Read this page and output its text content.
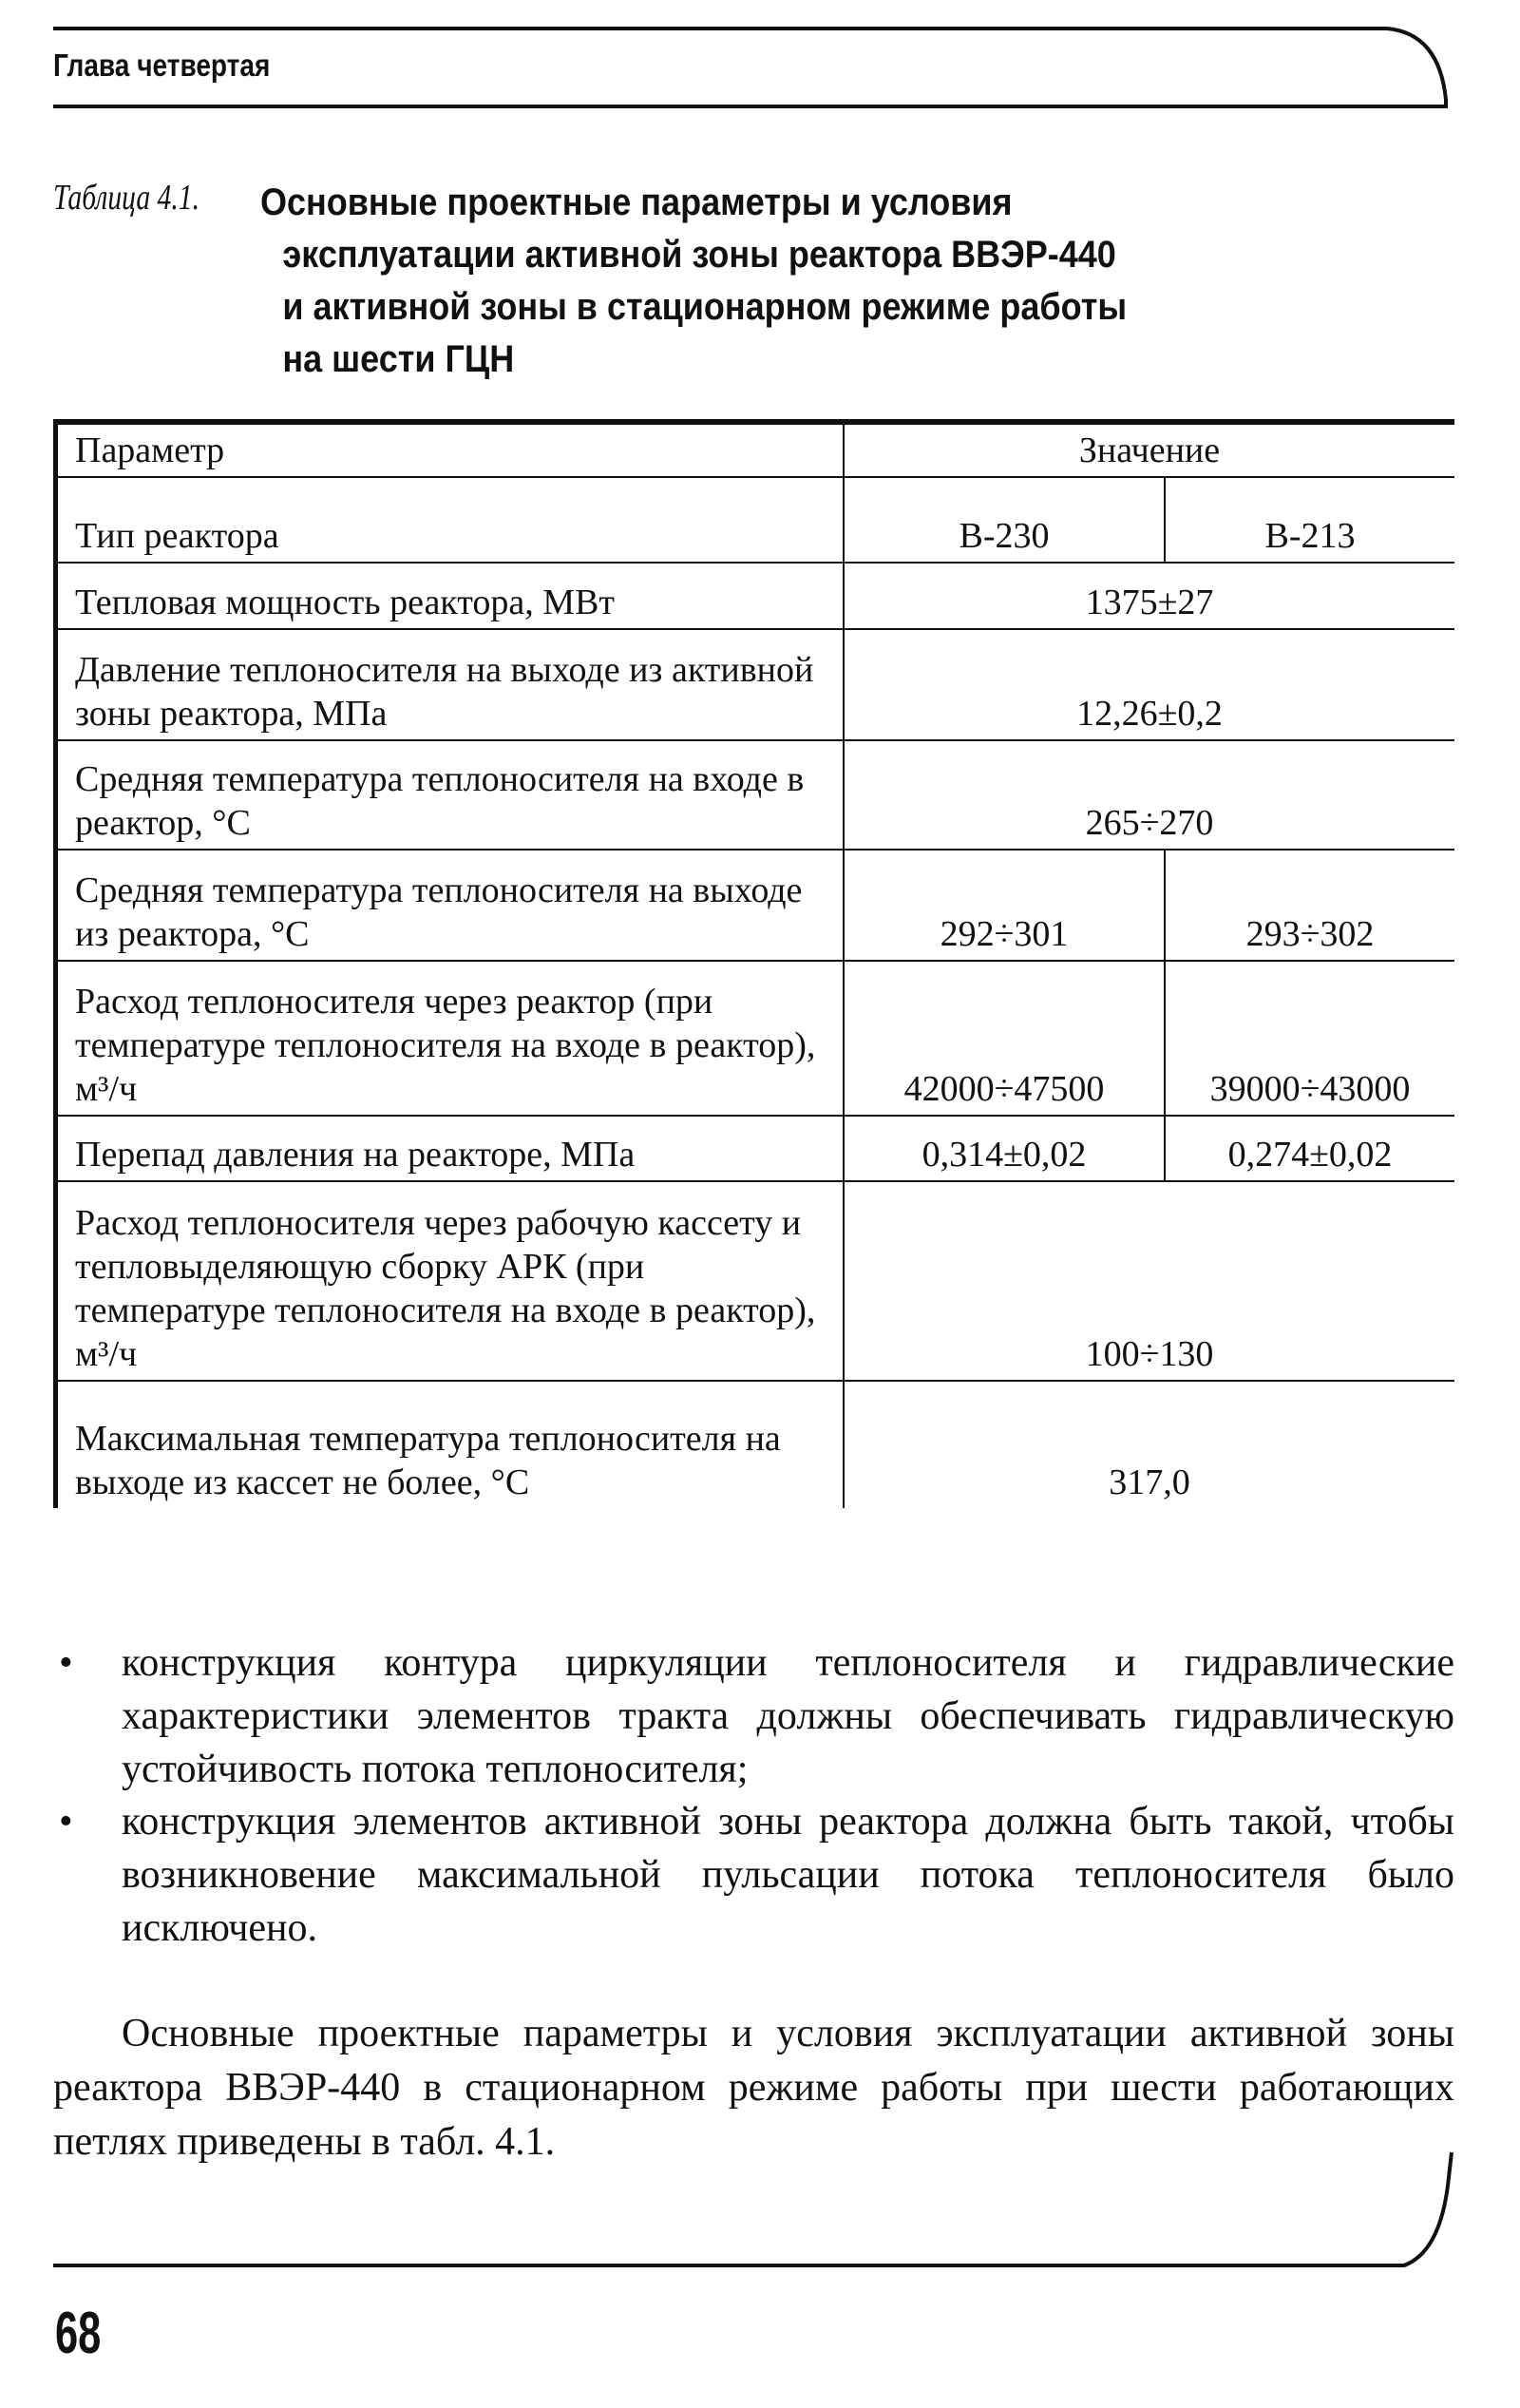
Глава четвертая
Таблица 4.1. Основные проектные параметры и условия
эксплуатации активной зоны реактора ВВЭР-440
и активной зоны в стационарном режиме работы
на шести ГЦН
Параметр	Значение	
Тип реактора	В-230	В-213
Тепловая мощность реактора, МВт	1375±27	
Давление теплоносителя на выходе из активной зоны реактора, МПа	12,26±0,2	
Средняя температура теплоносителя на входе в реактор, °С	265÷270	
Средняя температура теплоносителя на выходе из реактора, °С	292÷301	293÷302
Расход теплоносителя через реактор (при температуре теплоносителя на входе в реактор), м³/ч	42000÷47500	39000÷43000
Перепад давления на реакторе, МПа	0,314±0,02	0,274±0,02
Расход теплоносителя через рабочую кассету и тепловыделяющую сборку АРК (при температуре теплоносителя на входе в реактор), м³/ч	100÷130	
Максимальная температура теплоносителя на выходе из кассет не более, °С	317,0	
• конструкция контура циркуляции теплоносителя и гидравлические характеристики элементов тракта должны обеспечивать гидравлическую устойчивость потока теплоносителя;
• конструкция элементов активной зоны реактора должна быть такой, чтобы возникновение максимальной пульсации потока теплоносителя было исключено.
Основные проектные параметры и условия эксплуатации активной зоны реактора ВВЭР-440 в стационарном режиме работы при шести работающих петлях приведены в табл. 4.1.
68
